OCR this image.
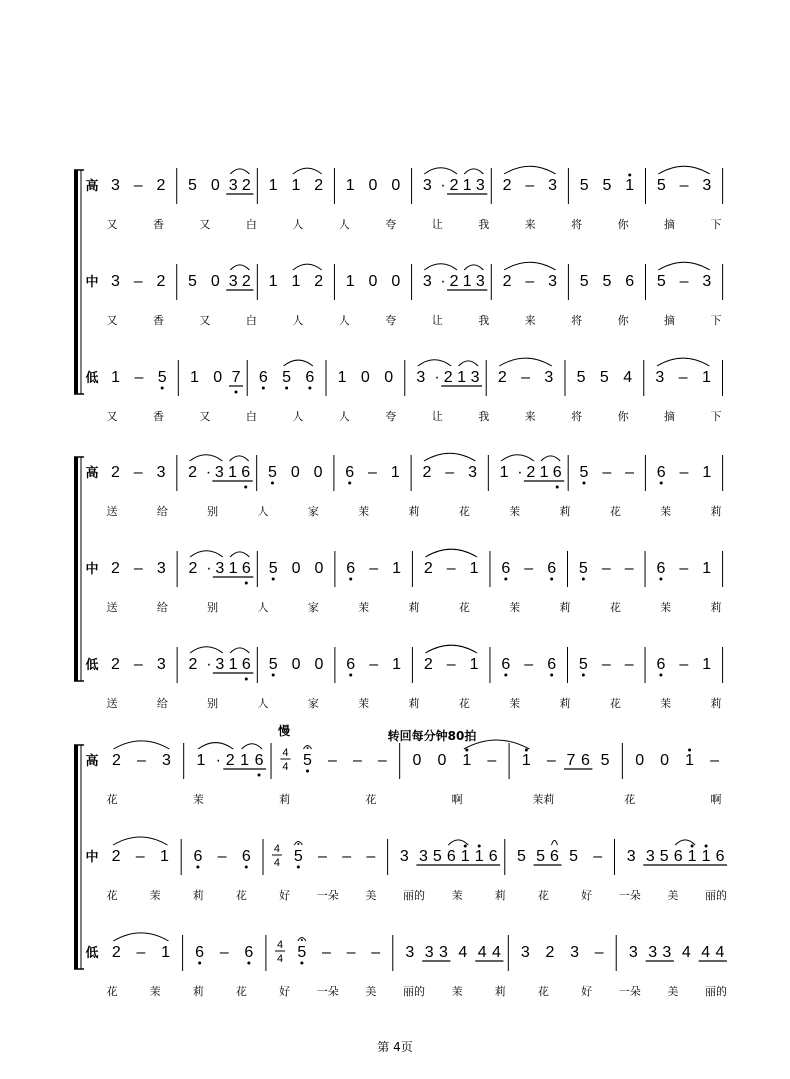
高 3 – 2 5 0 3 2 1 1 2 1 0 0 3 · 2 1 3 2 – 3 5 5 1 5 – 3
又	香	又	白	人	人	夸	让	我	来	将	你	摘	下
中 3 – 2 5 0 3 2 1 1 2 1 0 0 3 · 2 1 3 2 – 3 5 5 6 5 – 3
又	香	又	白	人	人	夸	让	我	来	将	你	摘	下
低 1 – 5 1 0 7 6 5 6 1 0 0 3 · 2 1 3 2 – 3 5 5 4 3 – 1
又	香	又	白	人	人	夸	让	我	来	将	你	摘	下
高 2 – 3 2 · 3 1 6 5 0 0 6 – 1 2 – 3 1 · 2 1 6 5 – – 6 – 1
送	给	别	人	家	茉	莉	花	茉	莉	花	茉	莉
中 2 – 3 2 · 3 1 6 5 0 0 6 – 1 2 – 1 6 – 6 5 – – 6 – 1
送	给	别	人	家	茉	莉	花	茉	莉	花	茉	莉
低 2 – 3 2 · 3 1 6 5 0 0 6 – 1 2 – 1 6 – 6 5 – – 6 – 1
送	给	别	人	家	茉	莉	花	茉	莉	花	茉	莉
高 2 – 3 1 · 2 1 6 4
4 5 – – – 0 0 1 – 1 – 7 6 5 0 0 1 –
花	茉	莉	花	啊	茉莉	花	啊
中 2 – 1 6 – 6 4
4 5 – – – 3 3 5 6 1 1 6 5 5 6 5 – 3 3 5 6 1 1 6
花	茉	莉	花	好 一朵 美 丽的 茉	莉	花	好 一朵 美 丽的
低 2 – 1 6 – 6 4
4 5 – – – 3 3 3 4 4 4 3 2 3 – 3 3 3 4 4 4
花	茉	莉	花	好 一朵 美 丽的 茉	莉	花	好 一朵 美 丽的
慢	转回每分钟80拍
第 4页
